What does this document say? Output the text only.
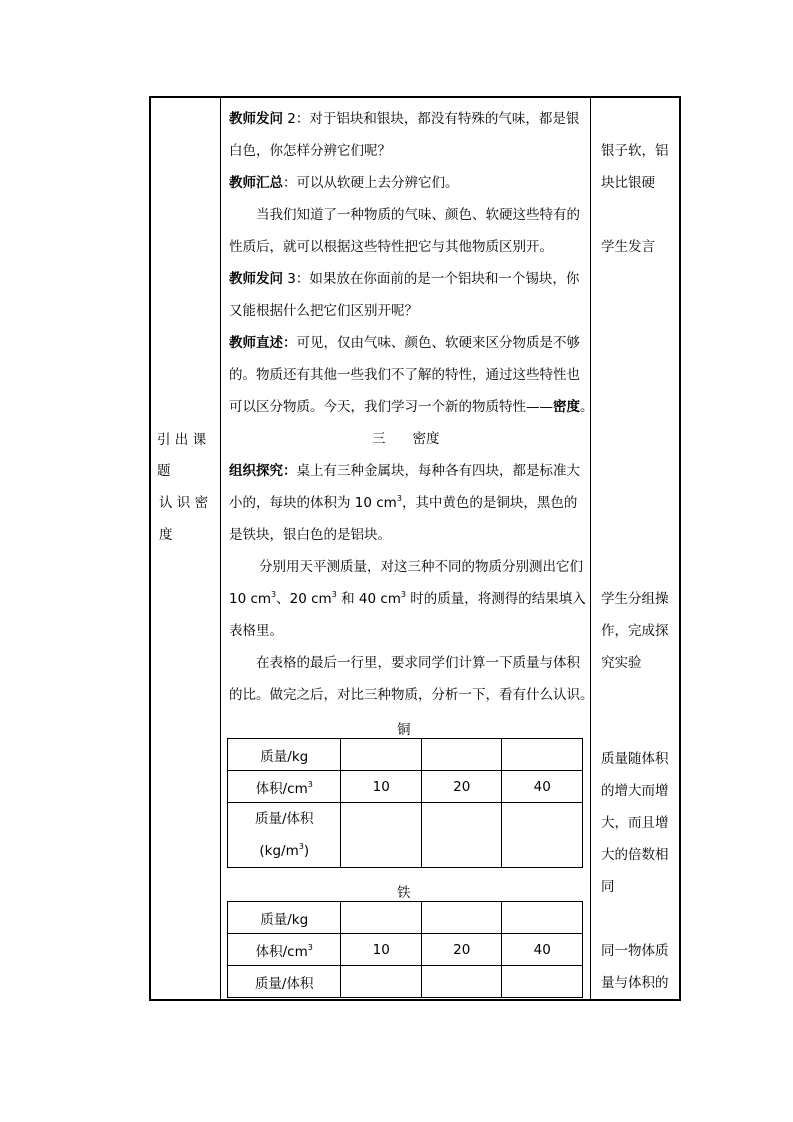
引 出 课
题
认 识 密
度
教师发问 2：对于铝块和银块，都没有特殊的气味，都是银
白色，你怎样分辨它们呢？
教师汇总：可以从软硬上去分辨它们。
当我们知道了一种物质的气味、颜色、软硬这些特有的
性质后，就可以根据这些特性把它与其他物质区别开。
教师发问 3：如果放在你面前的是一个铝块和一个锡块，你
又能根据什么把它们区别开呢？
教师直述：可见，仅由气味、颜色、软硬来区分物质是不够
的。物质还有其他一些我们不了解的特性，通过这些特性也
可以区分物质。今天，我们学习一个新的物质特性——密度。
三　　密度
组织探究：桌上有三种金属块，每种各有四块，都是标准大
小的，每块的体积为 10 $cm^3$，其中黄色的是铜块，黑色的
是铁块，银白色的是铝块。
分别用天平测质量，对这三种不同的物质分别测出它们
10 $cm^3$、20 $cm^3$ 和 40 $cm^3$ 时的质量，将测得的结果填入
表格里。
在表格的最后一行里，要求同学们计算一下质量与体积
的比。做完之后，对比三种物质，分析一下，看有什么认识。
铜
质量/kg			
体积$/cm^3$	10	20	40
质量/体积
$(kg/m^3)$			
铁
质量/kg			
体积$/cm^3$	10	20	40
质量/体积			
银子软，铝
块比银硬
学生发言
学生分组操
作，完成探
究实验
质量随体积
的增大而增
大，而且增
大的倍数相
同
同一物体质
量与体积的
